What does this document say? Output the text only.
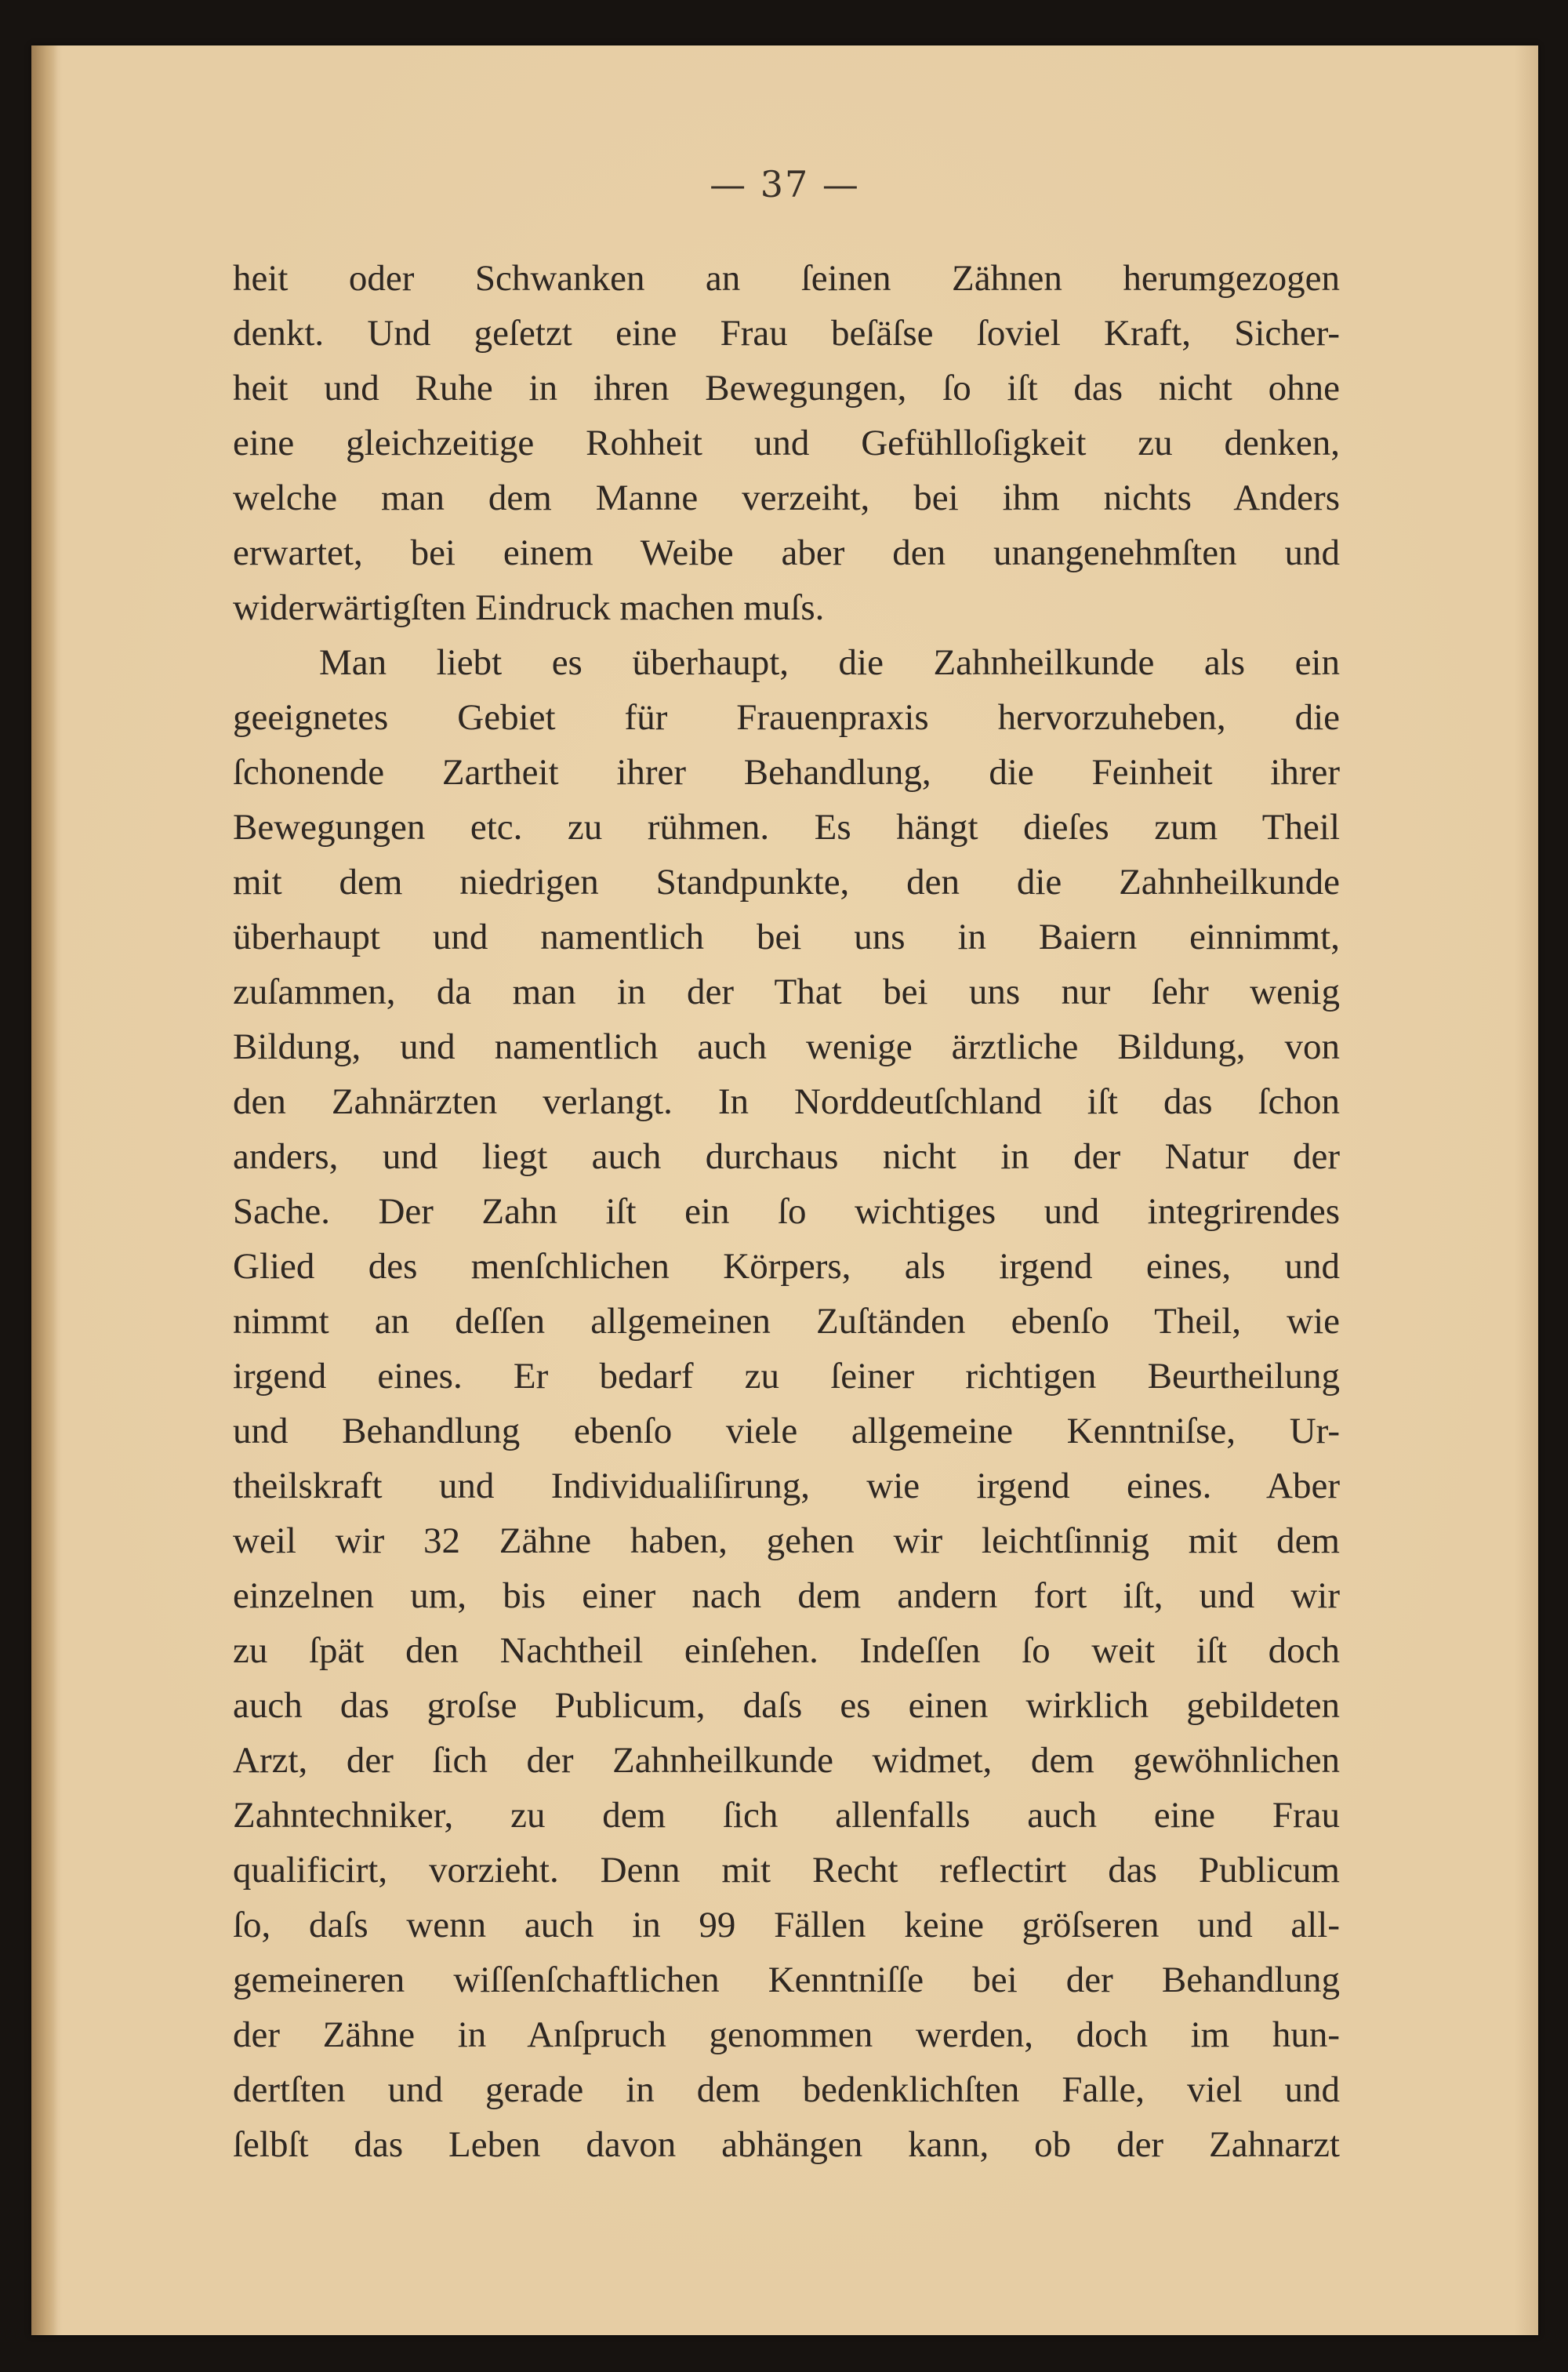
— 37 —
heit oder Schwanken an ſeinen Zähnen herumgezogen
denkt. Und geſetzt eine Frau beſäſse ſoviel Kraft, Sicher-
heit und Ruhe in ihren Bewegungen, ſo iſt das nicht ohne
eine gleichzeitige Rohheit und Gefühlloſigkeit zu denken,
welche man dem Manne verzeiht, bei ihm nichts Anders
erwartet, bei einem Weibe aber den unangenehmſten und
widerwärtigſten Eindruck machen muſs.
Man liebt es überhaupt, die Zahnheilkunde als ein
geeignetes Gebiet für Frauenpraxis hervorzuheben, die
ſchonende Zartheit ihrer Behandlung, die Feinheit ihrer
Bewegungen etc. zu rühmen. Es hängt dieſes zum Theil
mit dem niedrigen Standpunkte, den die Zahnheilkunde
überhaupt und namentlich bei uns in Baiern einnimmt,
zuſammen, da man in der That bei uns nur ſehr wenig
Bildung, und namentlich auch wenige ärztliche Bildung, von
den Zahnärzten verlangt. In Norddeutſchland iſt das ſchon
anders, und liegt auch durchaus nicht in der Natur der
Sache. Der Zahn iſt ein ſo wichtiges und integrirendes
Glied des menſchlichen Körpers, als irgend eines, und
nimmt an deſſen allgemeinen Zuſtänden ebenſo Theil, wie
irgend eines. Er bedarf zu ſeiner richtigen Beurtheilung
und Behandlung ebenſo viele allgemeine Kenntniſse, Ur-
theilskraft und Individualiſirung, wie irgend eines. Aber
weil wir 32 Zähne haben, gehen wir leichtſinnig mit dem
einzelnen um, bis einer nach dem andern fort iſt, und wir
zu ſpät den Nachtheil einſehen. Indeſſen ſo weit iſt doch
auch das groſse Publicum, daſs es einen wirklich gebildeten
Arzt, der ſich der Zahnheilkunde widmet, dem gewöhnlichen
Zahntechniker, zu dem ſich allenfalls auch eine Frau
qualificirt, vorzieht. Denn mit Recht reflectirt das Publicum
ſo, daſs wenn auch in 99 Fällen keine gröſseren und all-
gemeineren wiſſenſchaftlichen Kenntniſſe bei der Behandlung
der Zähne in Anſpruch genommen werden, doch im hun-
dertſten und gerade in dem bedenklichſten Falle, viel und
ſelbſt das Leben davon abhängen kann, ob der Zahnarzt
